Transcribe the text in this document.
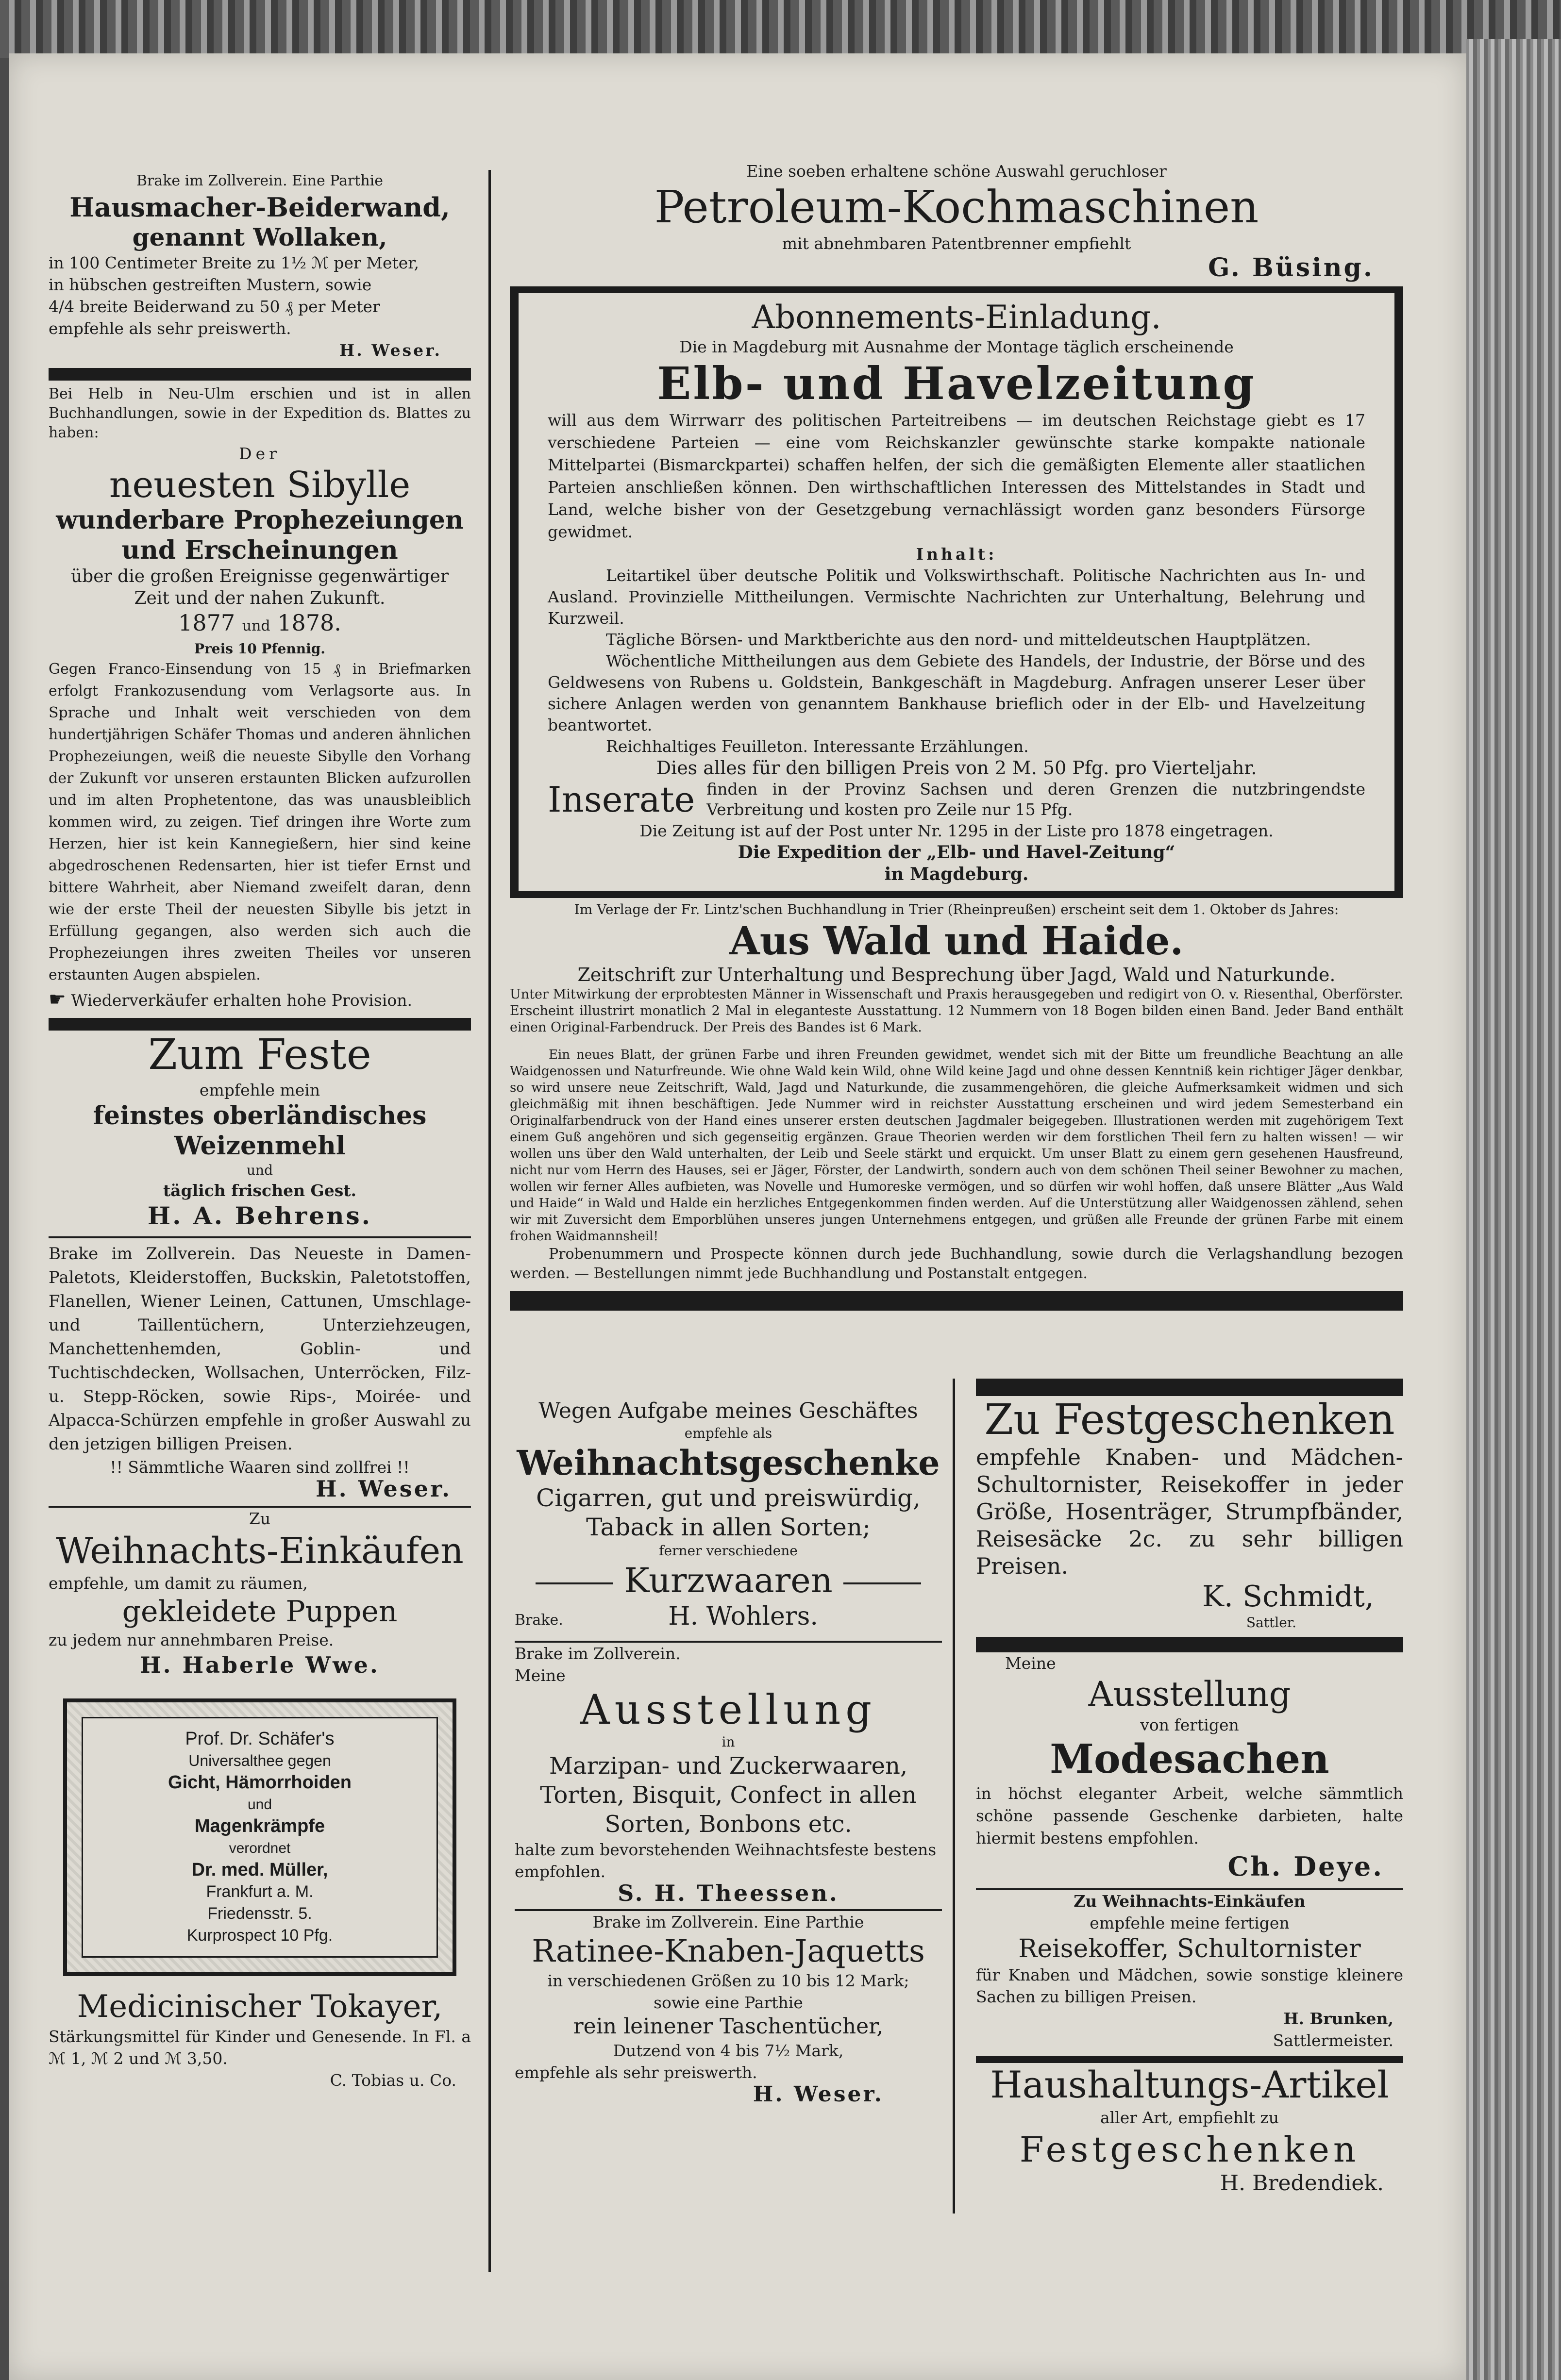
Brake im Zollverein. Eine Parthie

Hausmacher-Beiderwand,

genannt Wollaken,

in 100 Centimeter Breite zu 1½ ℳ per Meter,

in hübschen gestreiften Mustern, sowie

4/4 breite Beiderwand zu 50 ₰ per Meter

empfehle als sehr preiswerth.

H. Weser.

Bei Helb in Neu-Ulm erschien und ist in allen Buchhandlungen, sowie in der Expedition ds. Blattes zu haben:

Der

neuesten Sibylle

wunderbare Prophezeiungen

und Erscheinungen

über die großen Ereignisse gegenwärtiger

Zeit und der nahen Zukunft.

1877 und 1878.

Preis 10 Pfennig.

Gegen Franco-Einsendung von 15 ₰ in Briefmarken erfolgt Frankozusendung vom Verlagsorte aus. In Sprache und Inhalt weit verschieden von dem hundertjährigen Schäfer Thomas und anderen ähnlichen Prophezeiungen, weiß die neueste Sibylle den Vorhang der Zukunft vor unseren erstaunten Blicken aufzurollen und im alten Prophetentone, das was unausbleiblich kommen wird, zu zeigen. Tief dringen ihre Worte zum Herzen, hier ist kein Kannegießern, hier sind keine abgedroschenen Redensarten, hier ist tiefer Ernst und bittere Wahrheit, aber Niemand zweifelt daran, denn wie der erste Theil der neuesten Sibylle bis jetzt in Erfüllung gegangen, also werden sich auch die Prophezeiungen ihres zweiten Theiles vor unseren erstaunten Augen abspielen.

☛ Wiederverkäufer erhalten hohe Provision.

Zum Feste

empfehle mein

feinstes oberländisches

Weizenmehl

und

täglich frischen Gest.

H. A. Behrens.

Brake im Zollverein. Das Neueste in Damen-Paletots, Kleiderstoffen, Buckskin, Paletotstoffen, Flanellen, Wiener Leinen, Cattunen, Umschlage- und Taillentüchern, Unterziehzeugen, Manchettenhemden, Goblin- und Tuchtischdecken, Wollsachen, Unterröcken, Filz- u. Stepp-Röcken, sowie Rips-, Moirée- und Alpacca-Schürzen empfehle in großer Auswahl zu den jetzigen billigen Preisen.

!! Sämmtliche Waaren sind zollfrei !!

H. Weser.

Zu

Weihnachts-Einkäufen

empfehle, um damit zu räumen,

gekleidete Puppen

zu jedem nur annehmbaren Preise.

H. Haberle Wwe.

Prof. Dr. Schäfer's

Universalthee gegen

Gicht, Hämorrhoiden

und

Magenkrämpfe

verordnet

Dr. med. Müller,

Frankfurt a. M.

Friedensstr. 5.

Kurprospect 10 Pfg.

Medicinischer Tokayer,

Stärkungsmittel für Kinder und Genesende. In Fl. a ℳ 1, ℳ 2 und ℳ 3,50.

C. Tobias u. Co.

Eine soeben erhaltene schöne Auswahl geruchloser

Petroleum-Kochmaschinen

mit abnehmbaren Patentbrenner empfiehlt

G. Büsing.

Abonnements-Einladung.

Die in Magdeburg mit Ausnahme der Montage täglich erscheinende

Elb- und Havelzeitung

will aus dem Wirrwarr des politischen Parteitreibens — im deutschen Reichstage giebt es 17 verschiedene Parteien — eine vom Reichskanzler gewünschte starke kompakte nationale Mittelpartei (Bismarckpartei) schaffen helfen, der sich die gemäßigten Elemente aller staatlichen Parteien anschließen können. Den wirthschaftlichen Interessen des Mittelstandes in Stadt und Land, welche bisher von der Gesetzgebung vernachlässigt worden ganz besonders Fürsorge gewidmet.

Inhalt:

Leitartikel über deutsche Politik und Volkswirthschaft. Politische Nachrichten aus In- und Ausland. Provinzielle Mittheilungen. Vermischte Nachrichten zur Unterhaltung, Belehrung und Kurzweil.

Tägliche Börsen- und Marktberichte aus den nord- und mitteldeutschen Hauptplätzen.

Wöchentliche Mittheilungen aus dem Gebiete des Handels, der Industrie, der Börse und des Geldwesens von Rubens u. Goldstein, Bankgeschäft in Magdeburg. Anfragen unserer Leser über sichere Anlagen werden von genanntem Bankhause brieflich oder in der Elb- und Havelzeitung beantwortet.

Reichhaltiges Feuilleton. Interessante Erzählungen.

Dies alles für den billigen Preis von 2 M. 50 Pfg. pro Vierteljahr.

Inserate finden in der Provinz Sachsen und deren Grenzen die nutzbringendste Verbreitung und kosten pro Zeile nur 15 Pfg.

Die Zeitung ist auf der Post unter Nr. 1295 in der Liste pro 1878 eingetragen.

Die Expedition der „Elb- und Havel-Zeitung“

in Magdeburg.

Im Verlage der Fr. Lintz'schen Buchhandlung in Trier (Rheinpreußen) erscheint seit dem 1. Oktober ds Jahres:

Aus Wald und Haide.

Zeitschrift zur Unterhaltung und Besprechung über Jagd, Wald und Naturkunde.

Unter Mitwirkung der erprobtesten Männer in Wissenschaft und Praxis herausgegeben und redigirt von O. v. Riesenthal, Oberförster. Erscheint illustrirt monatlich 2 Mal in eleganteste Ausstattung. 12 Nummern von 18 Bogen bilden einen Band. Jeder Band enthält einen Original-Farbendruck. Der Preis des Bandes ist 6 Mark.

Ein neues Blatt, der grünen Farbe und ihren Freunden gewidmet, wendet sich mit der Bitte um freundliche Beachtung an alle Waidgenossen und Naturfreunde. Wie ohne Wald kein Wild, ohne Wild keine Jagd und ohne dessen Kenntniß kein richtiger Jäger denkbar, so wird unsere neue Zeitschrift, Wald, Jagd und Naturkunde, die zusammengehören, die gleiche Aufmerksamkeit widmen und sich gleichmäßig mit ihnen beschäftigen. Jede Nummer wird in reichster Ausstattung erscheinen und wird jedem Semesterband ein Originalfarbendruck von der Hand eines unserer ersten deutschen Jagdmaler beigegeben. Illustrationen werden mit zugehörigem Text einem Guß angehören und sich gegenseitig ergänzen. Graue Theorien werden wir dem forstlichen Theil fern zu halten wissen! — wir wollen uns über den Wald unterhalten, der Leib und Seele stärkt und erquickt. Um unser Blatt zu einem gern gesehenen Hausfreund, nicht nur vom Herrn des Hauses, sei er Jäger, Förster, der Landwirth, sondern auch von dem schönen Theil seiner Bewohner zu machen, wollen wir ferner Alles aufbieten, was Novelle und Humoreske vermögen, und so dürfen wir wohl hoffen, daß unsere Blätter „Aus Wald und Haide“ in Wald und Halde ein herzliches Entgegenkommen finden werden. Auf die Unterstützung aller Waidgenossen zählend, sehen wir mit Zuversicht dem Emporblühen unseres jungen Unternehmens entgegen, und grüßen alle Freunde der grünen Farbe mit einem frohen Waidmannsheil!

Probenummern und Prospecte können durch jede Buchhandlung, sowie durch die Verlagshandlung bezogen werden. — Bestellungen nimmt jede Buchhandlung und Postanstalt entgegen.

Wegen Aufgabe meines Geschäftes

empfehle als

Weihnachtsgeschenke

Cigarren, gut und preiswürdig,

Taback in allen Sorten;

ferner verschiedene

Kurzwaaren

Brake.	H. Wohlers.

Brake im Zollverein.

Meine

Ausstellung

in

Marzipan- und Zuckerwaaren,

Torten, Bisquit, Confect in allen

Sorten, Bonbons etc.

halte zum bevorstehenden Weihnachtsfeste bestens empfohlen.

S. H. Theessen.

Brake im Zollverein. Eine Parthie

Ratinee-Knaben-Jaquetts

in verschiedenen Größen zu 10 bis 12 Mark;

sowie eine Parthie

rein leinener Taschentücher,

Dutzend von 4 bis 7½ Mark,

empfehle als sehr preiswerth.

H. Weser.

Zu Festgeschenken

empfehle Knaben- und Mädchen-Schultornister, Reisekoffer in jeder Größe, Hosenträger, Strumpfbänder, Reisesäcke 2c. zu sehr billigen Preisen.

K. Schmidt,

Sattler.

Meine

Ausstellung

von fertigen

Modesachen

in höchst eleganter Arbeit, welche sämmtlich schöne passende Geschenke darbieten, halte hiermit bestens empfohlen.

Ch. Deye.

Zu Weihnachts-Einkäufen

empfehle meine fertigen

Reisekoffer, Schultornister

für Knaben und Mädchen, sowie sonstige kleinere Sachen zu billigen Preisen.

H. Brunken,

Sattlermeister.

Haushaltungs-Artikel

aller Art, empfiehlt zu

Festgeschenken

H. Bredendiek.
